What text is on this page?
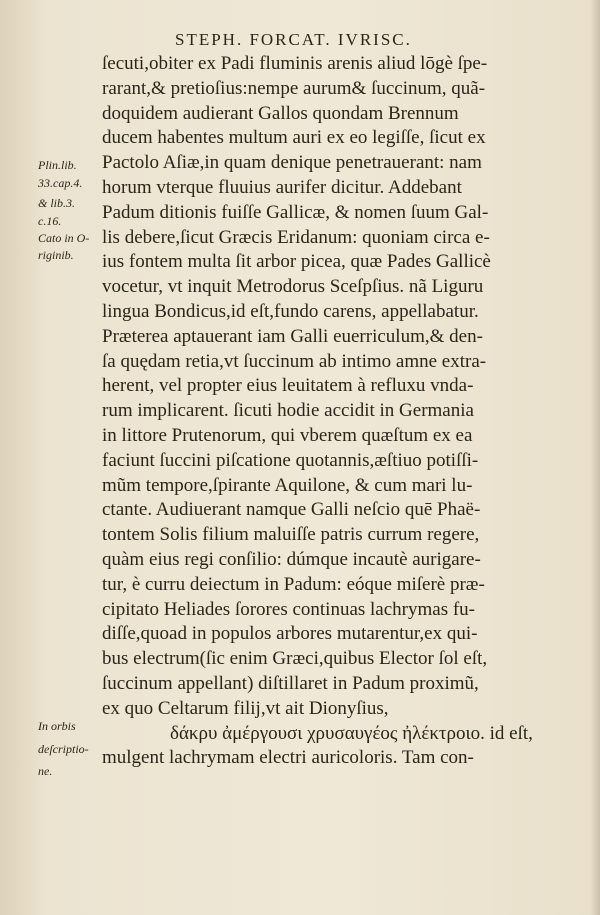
STEPH. FORCAT. IVRISC.
ſecuti,obiter ex Padi fluminis arenis aliud lōgè ſpe-
rarant,& pretioſius:nempe aurum& ſuccinum, quã-
doquidem audierant Gallos quondam Brennum
ducem habentes multum auri ex eo legiſſe, ſicut ex
Pactolo Aſiæ,in quam denique penetrauerant: nam
horum vterque fluuius aurifer dicitur. Addebant
Padum ditionis fuiſſe Gallicæ, & nomen ſuum Gal-
lis debere,ſicut Græcis Eridanum: quoniam circa e-
ius fontem multa ſit arbor picea, quæ Pades Gallicè
vocetur, vt inquit Metrodorus Sceſpſius. nã Liguru
lingua Bondicus,id eſt,fundo carens, appellabatur.
Præterea aptauerant iam Galli euerriculum,& den-
ſa quędam retia,vt ſuccinum ab intimo amne extra-
herent, vel propter eius leuitatem à refluxu vnda-
rum implicarent. ſicuti hodie accidit in Germania
in littore Prutenorum, qui vberem quæſtum ex ea
faciunt ſuccini piſcatione quotannis,æſtiuo potiſſi-
mũm tempore,ſpirante Aquilone, & cum mari lu-
ctante. Audiuerant namque Galli neſcio quē Phaë-
tontem Solis filium maluiſſe patris currum regere,
quàm eius regi conſilio: dúmque incautè aurigare-
tur, è curru deiectum in Padum: eóque miſerè præ-
cipitato Heliades ſorores continuas lachrymas fu-
diſſe,quoad in populos arbores mutarentur,ex qui-
bus electrum(ſic enim Græci,quibus Elector ſol eſt,
ſuccinum appellant) diſtillaret in Padum proximũ,
ex quo Celtarum filij,vt ait Dionyſius,
δάκρυ ἀμέργουσι χρυσαυγέος ἠλέκτροιο. id eſt,
mulgent lachrymam electri auricoloris. Tam con-
Plin.lib.
33.cap.4.
& lib.3.
c.16.
Cato in O-
riginib.
In orbis
deſcriptio-
ne.
